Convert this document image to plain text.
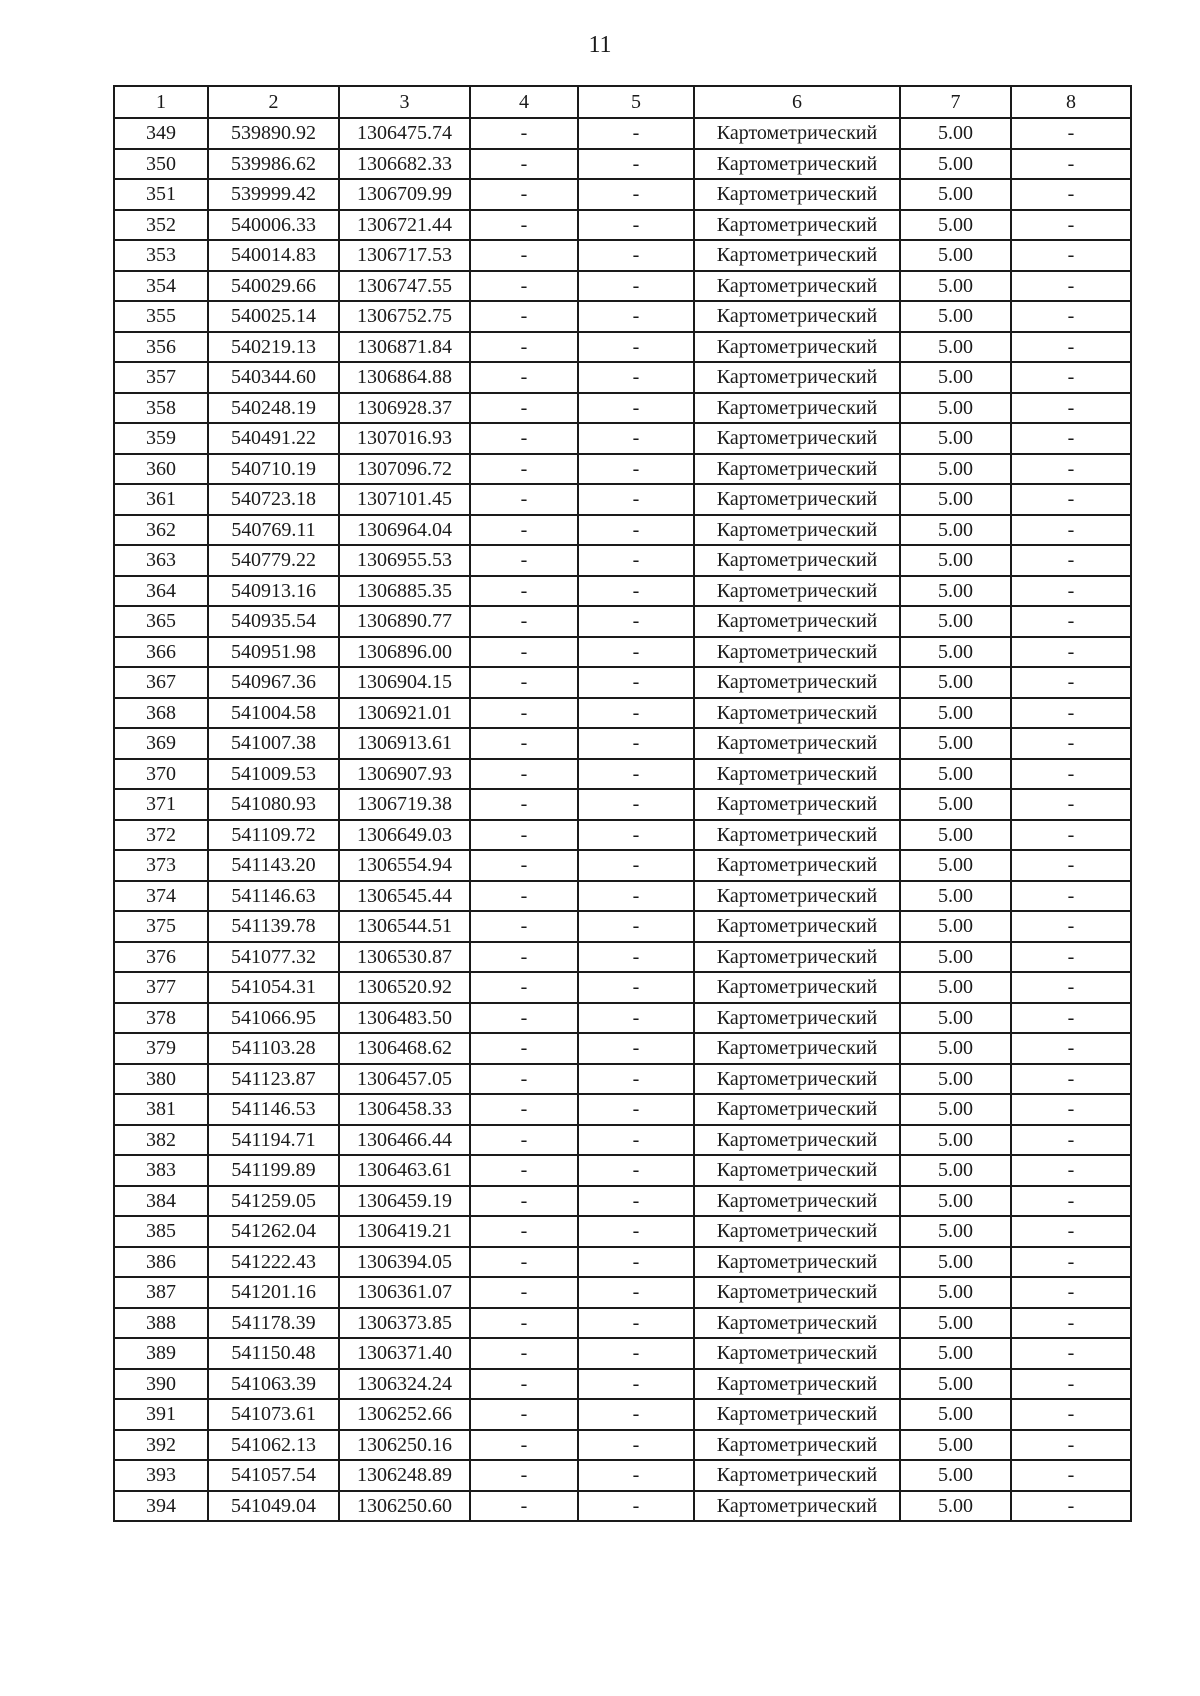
11
1	2	3	4	5	6	7	8
349	539890.92	1306475.74	-	-	Картометрический	5.00	-
350	539986.62	1306682.33	-	-	Картометрический	5.00	-
351	539999.42	1306709.99	-	-	Картометрический	5.00	-
352	540006.33	1306721.44	-	-	Картометрический	5.00	-
353	540014.83	1306717.53	-	-	Картометрический	5.00	-
354	540029.66	1306747.55	-	-	Картометрический	5.00	-
355	540025.14	1306752.75	-	-	Картометрический	5.00	-
356	540219.13	1306871.84	-	-	Картометрический	5.00	-
357	540344.60	1306864.88	-	-	Картометрический	5.00	-
358	540248.19	1306928.37	-	-	Картометрический	5.00	-
359	540491.22	1307016.93	-	-	Картометрический	5.00	-
360	540710.19	1307096.72	-	-	Картометрический	5.00	-
361	540723.18	1307101.45	-	-	Картометрический	5.00	-
362	540769.11	1306964.04	-	-	Картометрический	5.00	-
363	540779.22	1306955.53	-	-	Картометрический	5.00	-
364	540913.16	1306885.35	-	-	Картометрический	5.00	-
365	540935.54	1306890.77	-	-	Картометрический	5.00	-
366	540951.98	1306896.00	-	-	Картометрический	5.00	-
367	540967.36	1306904.15	-	-	Картометрический	5.00	-
368	541004.58	1306921.01	-	-	Картометрический	5.00	-
369	541007.38	1306913.61	-	-	Картометрический	5.00	-
370	541009.53	1306907.93	-	-	Картометрический	5.00	-
371	541080.93	1306719.38	-	-	Картометрический	5.00	-
372	541109.72	1306649.03	-	-	Картометрический	5.00	-
373	541143.20	1306554.94	-	-	Картометрический	5.00	-
374	541146.63	1306545.44	-	-	Картометрический	5.00	-
375	541139.78	1306544.51	-	-	Картометрический	5.00	-
376	541077.32	1306530.87	-	-	Картометрический	5.00	-
377	541054.31	1306520.92	-	-	Картометрический	5.00	-
378	541066.95	1306483.50	-	-	Картометрический	5.00	-
379	541103.28	1306468.62	-	-	Картометрический	5.00	-
380	541123.87	1306457.05	-	-	Картометрический	5.00	-
381	541146.53	1306458.33	-	-	Картометрический	5.00	-
382	541194.71	1306466.44	-	-	Картометрический	5.00	-
383	541199.89	1306463.61	-	-	Картометрический	5.00	-
384	541259.05	1306459.19	-	-	Картометрический	5.00	-
385	541262.04	1306419.21	-	-	Картометрический	5.00	-
386	541222.43	1306394.05	-	-	Картометрический	5.00	-
387	541201.16	1306361.07	-	-	Картометрический	5.00	-
388	541178.39	1306373.85	-	-	Картометрический	5.00	-
389	541150.48	1306371.40	-	-	Картометрический	5.00	-
390	541063.39	1306324.24	-	-	Картометрический	5.00	-
391	541073.61	1306252.66	-	-	Картометрический	5.00	-
392	541062.13	1306250.16	-	-	Картометрический	5.00	-
393	541057.54	1306248.89	-	-	Картометрический	5.00	-
394	541049.04	1306250.60	-	-	Картометрический	5.00	-
